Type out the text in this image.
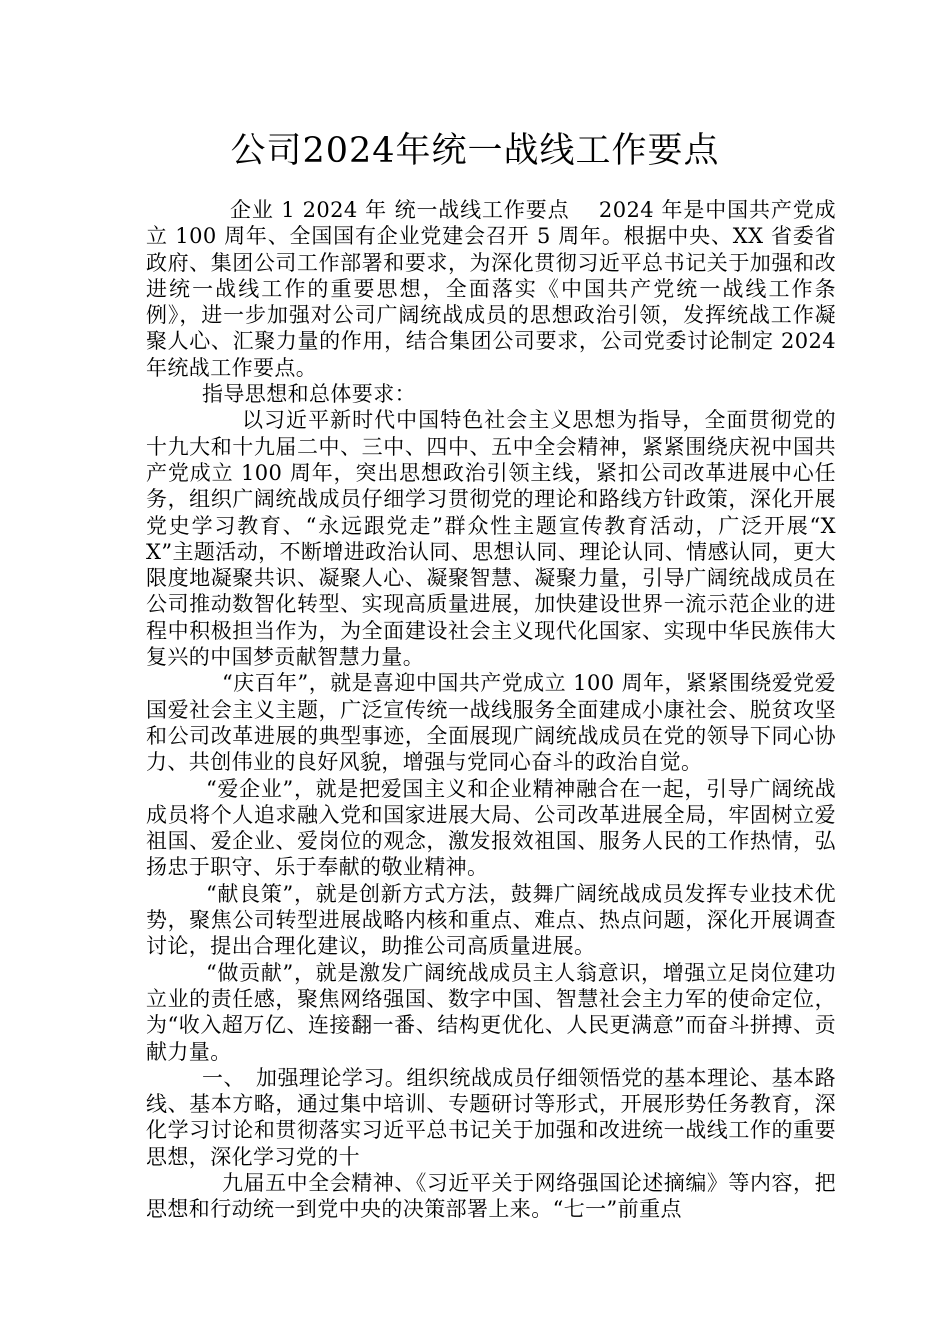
公司2024年统一战线工作要点

企业 1 2024 年 统一战线工作要点　 2024 年是中国共产党成立 100 周年、全国国有企业党建会召开 5 周年。根据中央、XX 省委省政府、集团公司工作部署和要求，为深化贯彻习近平总书记关于加强和改进统一战线工作的重要思想，全面落实《中国共产党统一战线工作条例》，进一步加强对公司广阔统战成员的思想政治引领，发挥统战工作凝聚人心、汇聚力量的作用，结合集团公司要求，公司党委讨论制定 2024 年统战工作要点。

指导思想和总体要求：

以习近平新时代中国特色社会主义思想为指导，全面贯彻党的十九大和十九届二中、三中、四中、五中全会精神，紧紧围绕庆祝中国共产党成立 100 周年，突出思想政治引领主线，紧扣公司改革进展中心任务，组织广阔统战成员仔细学习贯彻党的理论和路线方针政策，深化开展党史学习教育、“永远跟党走”群众性主题宣传教育活动，广泛开展“XX”主题活动，不断增进政治认同、思想认同、理论认同、情感认同，更大限度地凝聚共识、凝聚人心、凝聚智慧、凝聚力量，引导广阔统战成员在公司推动数智化转型、实现高质量进展，加快建设世界一流示范企业的进程中积极担当作为，为全面建设社会主义现代化国家、实现中华民族伟大复兴的中国梦贡献智慧力量。

“庆百年”，就是喜迎中国共产党成立 100 周年，紧紧围绕爱党爱国爱社会主义主题，广泛宣传统一战线服务全面建成小康社会、脱贫攻坚和公司改革进展的典型事迹，全面展现广阔统战成员在党的领导下同心协力、共创伟业的良好风貌，增强与党同心奋斗的政治自觉。

“爱企业”，就是把爱国主义和企业精神融合在一起，引导广阔统战成员将个人追求融入党和国家进展大局、公司改革进展全局，牢固树立爱祖国、爱企业、爱岗位的观念，激发报效祖国、服务人民的工作热情，弘扬忠于职守、乐于奉献的敬业精神。

“献良策”，就是创新方式方法，鼓舞广阔统战成员发挥专业技术优势，聚焦公司转型进展战略内核和重点、难点、热点问题，深化开展调查讨论，提出合理化建议，助推公司高质量进展。

“做贡献”，就是激发广阔统战成员主人翁意识，增强立足岗位建功立业的责任感，聚焦网络强国、数字中国、智慧社会主力军的使命定位，为“收入超万亿、连接翻一番、结构更优化、人民更满意”而奋斗拼搏、贡献力量。

一、　加强理论学习。组织统战成员仔细领悟党的基本理论、基本路线、基本方略，通过集中培训、专题研讨等形式，开展形势任务教育，深化学习讨论和贯彻落实习近平总书记关于加强和改进统一战线工作的重要思想，深化学习党的十

九届五中全会精神、《习近平关于网络强国论述摘编》等内容，把思想和行动统一到党中央的决策部署上来。“七一”前重点
